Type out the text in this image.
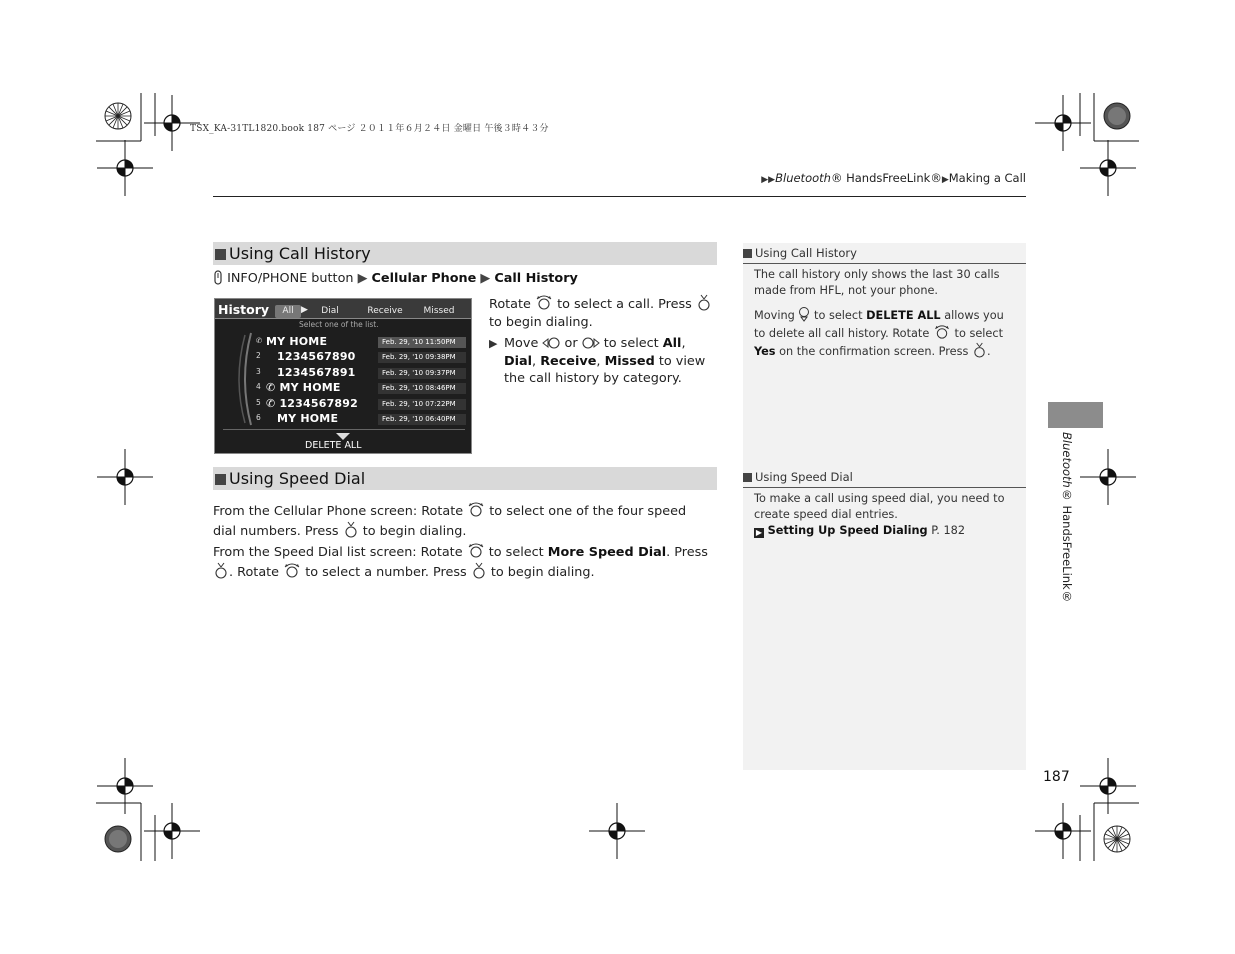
TSX_KA-31TL1820.book 187 ページ ２０１１年６月２４日 金曜日 午後３時４３分
▶▶Bluetooth® HandsFreeLink®▶Making a Call
Using Call History
INFO/PHONE button ▶ Cellular Phone ▶ Call History
History	All ▶	Dial	Receive	Missed
Select one of the list.
✆ MY HOME	Feb. 29, '10 11:50PM
2	1234567890	Feb. 29, '10 09:38PM
3	1234567891	Feb. 29, '10 09:37PM
4 ✆ MY HOME	Feb. 29, '10 08:46PM
5 ✆ 1234567892	Feb. 29, '10 07:22PM
6	MY HOME	Feb. 29, '10 06:40PM
DELETE ALL
Rotate to select a call. Press  to begin dialing.
▶ Move or to select All, Dial, Receive, Missed to view the call history by category.
Using Speed Dial
From the Cellular Phone screen: Rotate to select one of the four speed dial numbers. Press to begin dialing.
From the Speed Dial list screen: Rotate to select More Speed Dial. Press . Rotate to select a number. Press to begin dialing.
Using Call History
The call history only shows the last 30 calls made from HFL, not your phone.
Moving to select DELETE ALL allows you to delete all call history. Rotate to select Yes on the confirmation screen. Press .
Using Speed Dial
To make a call using speed dial, you need to create speed dial entries.
▶ Setting Up Speed Dialing P. 182
Bluetooth® HandsFreeLink®
187
